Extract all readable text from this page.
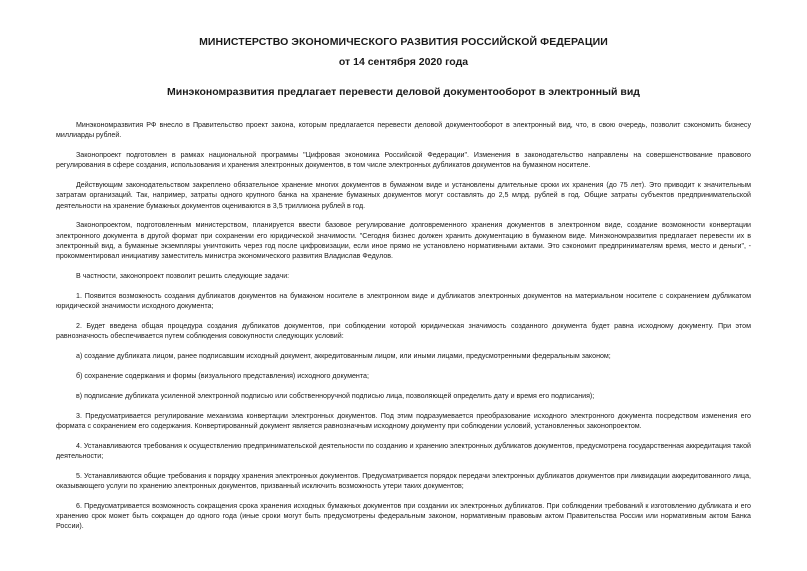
МИНИСТЕРСТВО ЭКОНОМИЧЕСКОГО РАЗВИТИЯ РОССИЙСКОЙ ФЕДЕРАЦИИ
от 14 сентября 2020 года
Минэкономразвития предлагает перевести деловой документооборот в электронный вид

Минэкономразвития РФ внесло в Правительство проект закона, которым предлагается перевести деловой документооборот в электронный вид, что, в свою очередь, позволит сэкономить бизнесу миллиарды рублей.

Законопроект подготовлен в рамках национальной программы "Цифровая экономика Российской Федерации". Изменения в законодательство направлены на совершенствование правового регулирования в сфере создания, использования и хранения электронных документов, в том числе электронных дубликатов документов на бумажном носителе.

Действующим законодательством закреплено обязательное хранение многих документов в бумажном виде и установлены длительные сроки их хранения (до 75 лет). Это приводит к значительным затратам организаций. Так, например, затраты одного крупного банка на хранение бумажных документов могут составлять до 2,5 млрд. рублей в год. Общие затраты субъектов предпринимательской деятельности на хранение бумажных документов оцениваются в 3,5 триллиона рублей в год.

Законопроектом, подготовленным министерством, планируется ввести базовое регулирование долговременного хранения документов в электронном виде, создание возможности конвертации электронного документа в другой формат при сохранении его юридической значимости. "Сегодня бизнес должен хранить документацию в бумажном виде. Минэкономразвития предлагает перевести их в электронный вид, а бумажные экземпляры уничтожить через год после цифровизации, если иное прямо не установлено нормативными актами. Это сэкономит предпринимателям время, место и деньги", - прокомментировал инициативу заместитель министра экономического развития Владислав Федулов.

В частности, законопроект позволит решить следующие задачи:

1. Появится возможность создания дубликатов документов на бумажном носителе в электронном виде и дубликатов электронных документов на материальном носителе с сохранением дубликатом юридической значимости исходного документа;

2. Будет введена общая процедура создания дубликатов документов, при соблюдении которой юридическая значимость созданного документа будет равна исходному документу. При этом равнозначность обеспечивается путем соблюдения совокупности следующих условий:

а) создание дубликата лицом, ранее подписавшим исходный документ, аккредитованным лицом, или иными лицами, предусмотренными федеральным законом;

б) сохранение содержания и формы (визуального представления) исходного документа;

в) подписание дубликата усиленной электронной подписью или собственноручной подписью лица, позволяющей определить дату и время его подписания);

3. Предусматривается регулирование механизма конвертации электронных документов. Под этим подразумевается преобразование исходного электронного документа посредством изменения его формата с сохранением его содержания. Конвертированный документ является равнозначным исходному документу при соблюдении условий, установленных законопроектом.

4. Устанавливаются требования к осуществлению предпринимательской деятельности по созданию и хранению электронных дубликатов документов, предусмотрена государственная аккредитация такой деятельности;

5. Устанавливаются общие требования к порядку хранения электронных документов. Предусматривается порядок передачи электронных дубликатов документов при ликвидации аккредитованного лица, оказывающего услуги по хранению электронных документов, призванный исключить возможность утери таких документов;

6. Предусматривается возможность сокращения срока хранения исходных бумажных документов при создании их электронных дубликатов. При соблюдении требований к изготовлению дубликата и его хранению срок может быть сокращен до одного года (иные сроки могут быть предусмотрены федеральным законом, нормативным правовым актом Правительства России или нормативным актом Банка России).
